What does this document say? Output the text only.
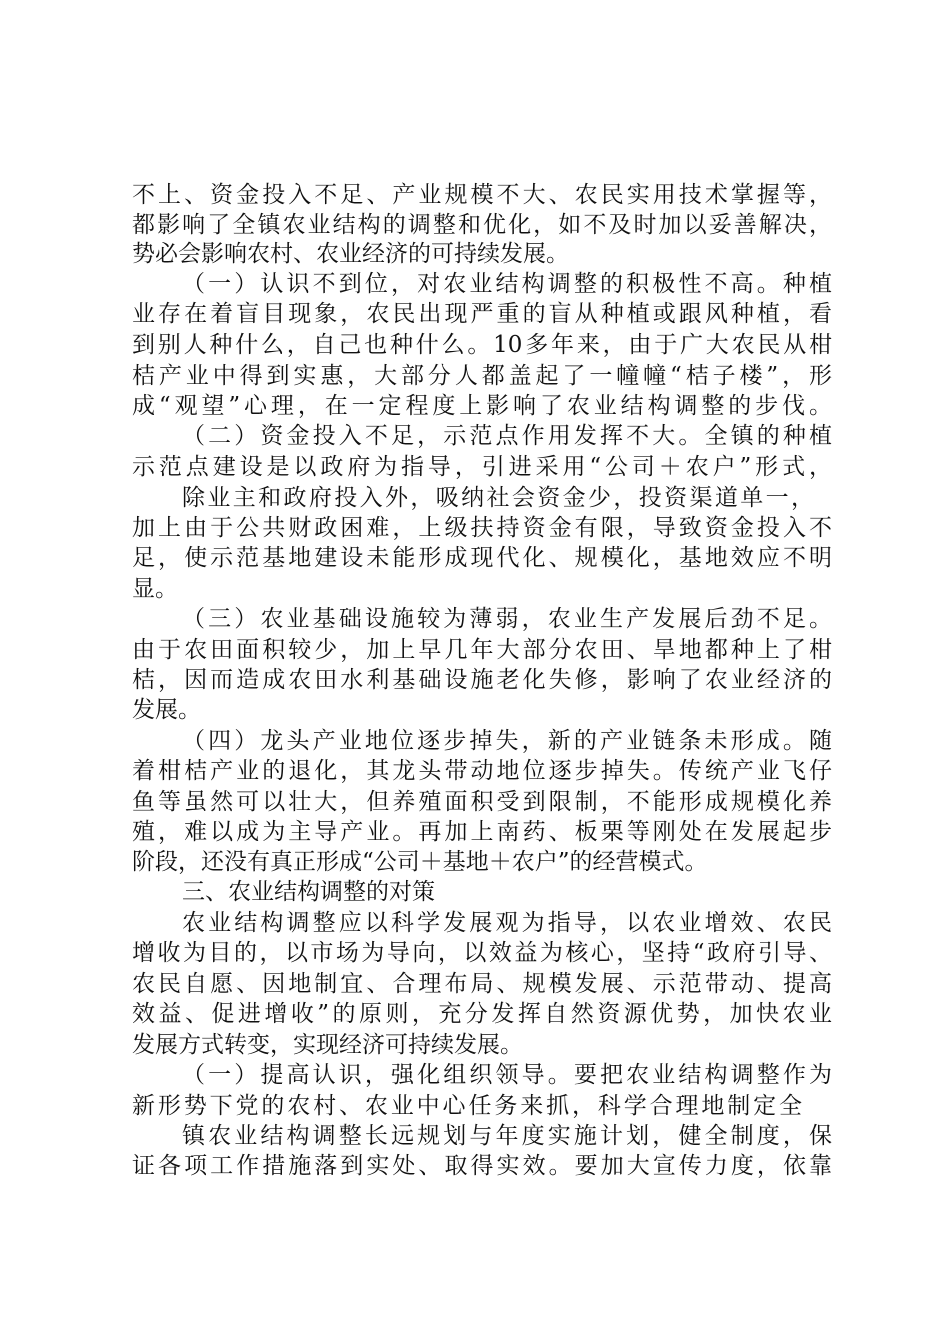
不上、资金投入不足、产业规模不大、农民实用技术掌握等，

都影响了全镇农业结构的调整和优化，如不及时加以妥善解决，

势必会影响农村、农业经济的可持续发展。

（一）认识不到位，对农业结构调整的积极性不高。种植

业存在着盲目现象，农民出现严重的盲从种植或跟风种植，看

到别人种什么，自己也种什么。10多年来，由于广大农民从柑

桔产业中得到实惠，大部分人都盖起了一幢幢“桔子楼”，形

成“观望”心理，在一定程度上影响了农业结构调整的步伐。

（二）资金投入不足，示范点作用发挥不大。全镇的种植

示范点建设是以政府为指导，引进采用“公司＋农户”形式，

除业主和政府投入外，吸纳社会资金少，投资渠道单一，

加上由于公共财政困难，上级扶持资金有限，导致资金投入不

足，使示范基地建设未能形成现代化、规模化，基地效应不明

显。

（三）农业基础设施较为薄弱，农业生产发展后劲不足。

由于农田面积较少，加上早几年大部分农田、旱地都种上了柑

桔，因而造成农田水利基础设施老化失修，影响了农业经济的

发展。

（四）龙头产业地位逐步掉失，新的产业链条未形成。随

着柑桔产业的退化，其龙头带动地位逐步掉失。传统产业飞仔

鱼等虽然可以壮大，但养殖面积受到限制，不能形成规模化养

殖，难以成为主导产业。再加上南药、板栗等刚处在发展起步

阶段，还没有真正形成“公司＋基地＋农户”的经营模式。

三、农业结构调整的对策

农业结构调整应以科学发展观为指导，以农业增效、农民

增收为目的，以市场为导向，以效益为核心，坚持“政府引导、

农民自愿、因地制宜、合理布局、规模发展、示范带动、提高

效益、促进增收”的原则，充分发挥自然资源优势，加快农业

发展方式转变，实现经济可持续发展。

（一）提高认识，强化组织领导。要把农业结构调整作为

新形势下党的农村、农业中心任务来抓，科学合理地制定全

镇农业结构调整长远规划与年度实施计划，健全制度，保

证各项工作措施落到实处、取得实效。要加大宣传力度，依靠
